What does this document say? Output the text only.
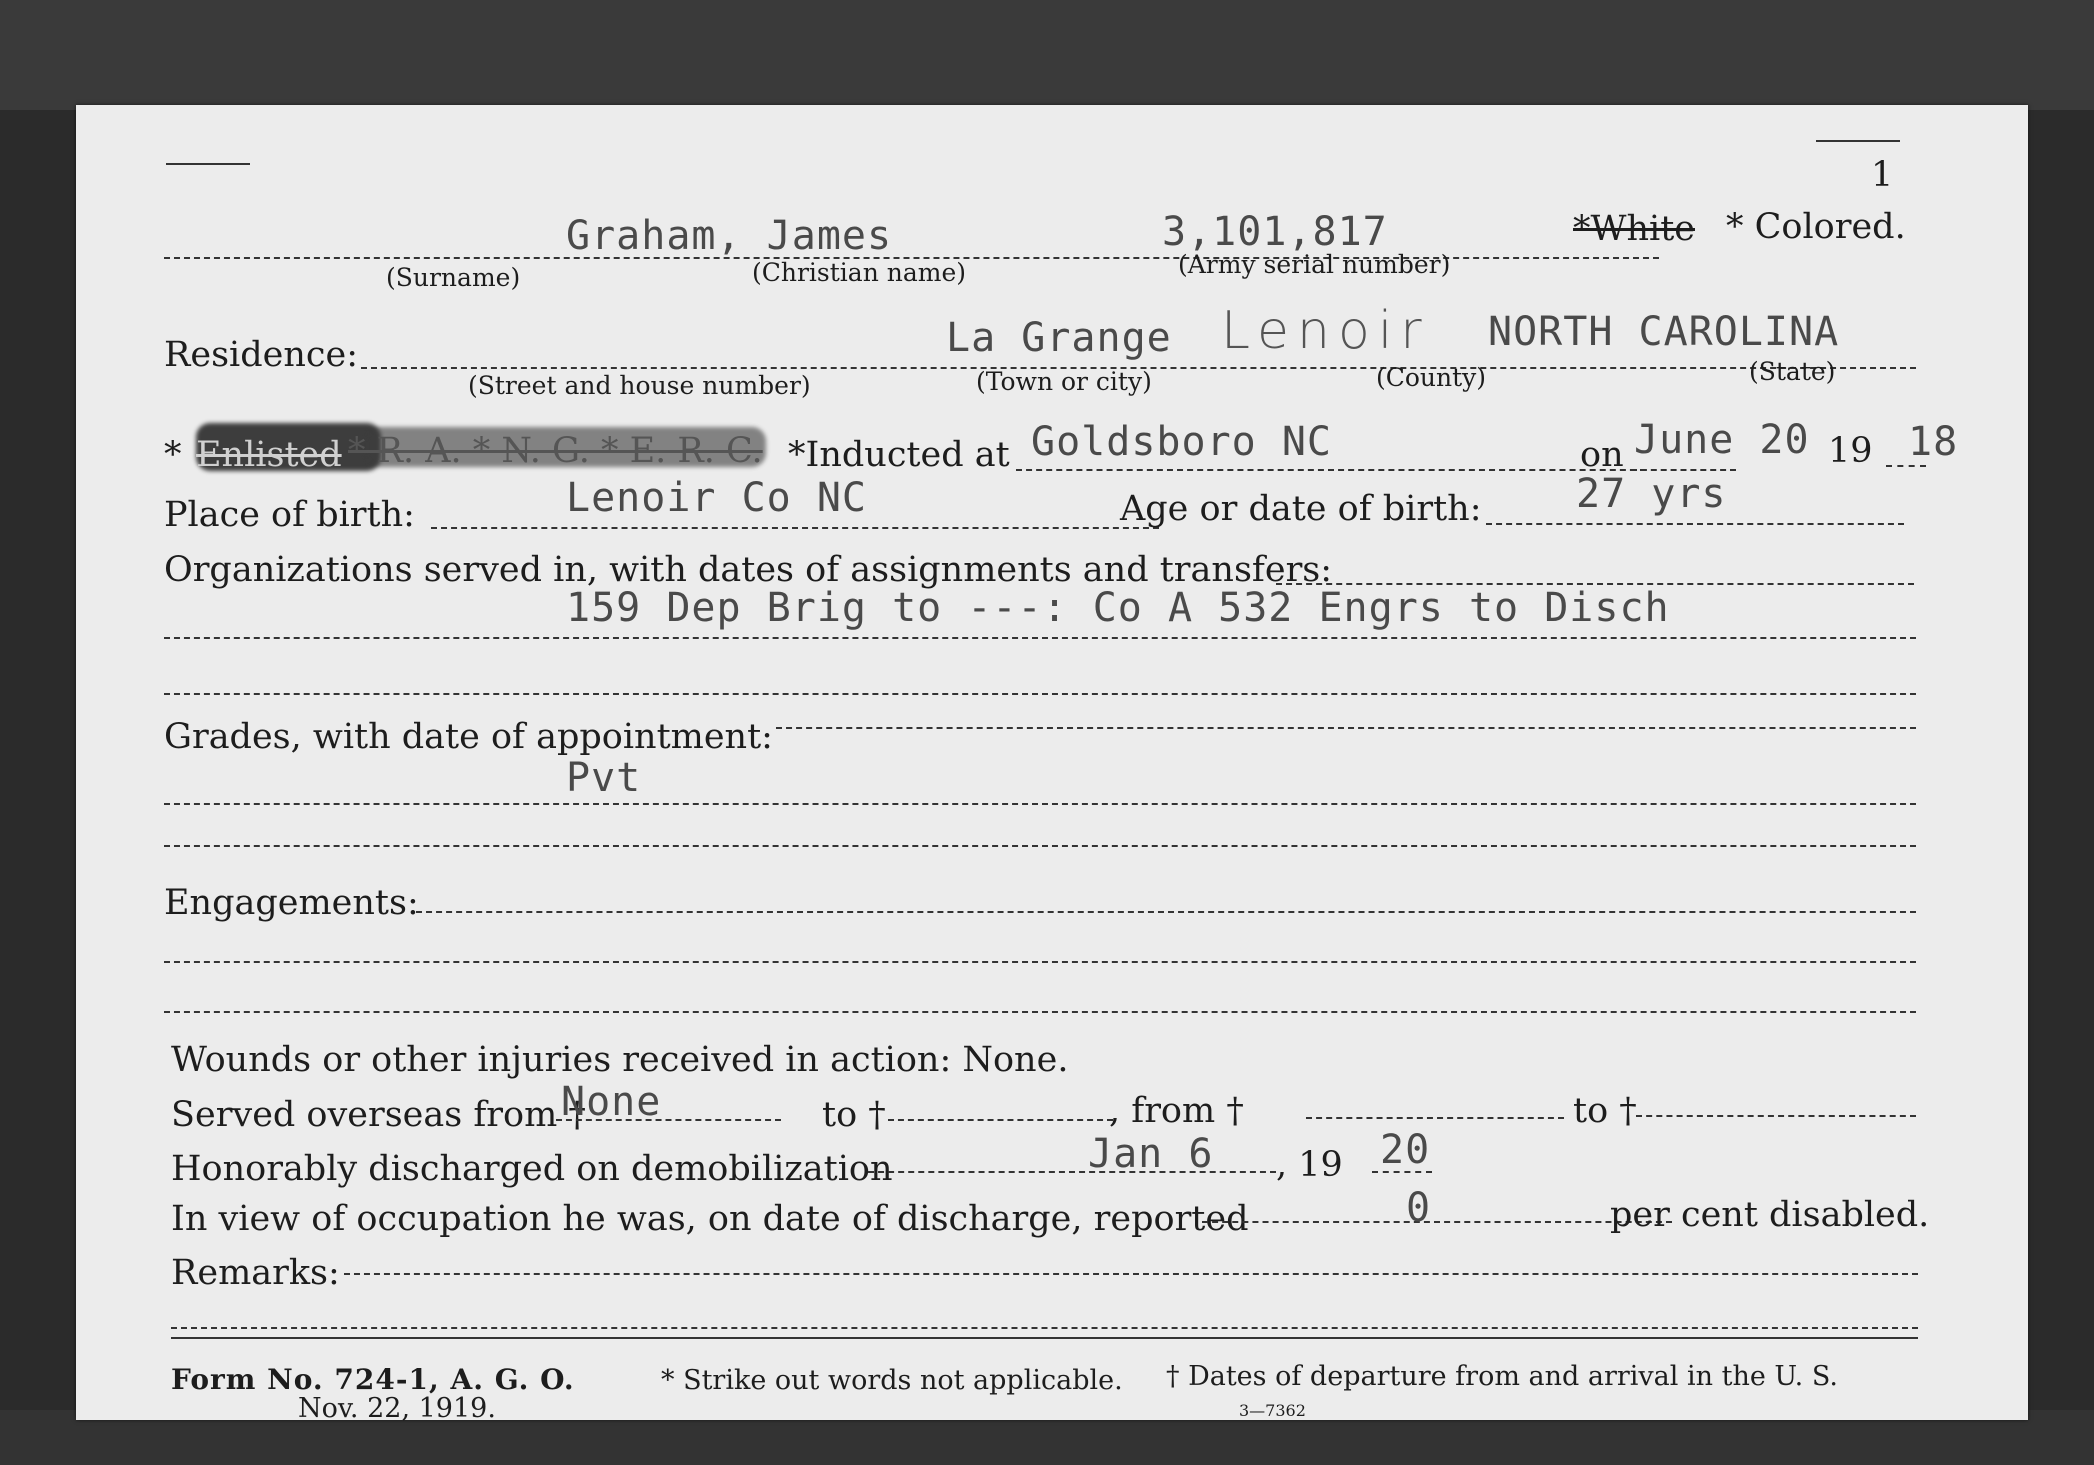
1
Graham, James	3,101,817
(Surname)	(Christian name)	(Army serial number)
*White * Colored.
Residence:	La Grange Lenoir NORTH CAROLINA
(Street and house number)	(Town or city)	(County)	(State)
* Enlisted * R. A. * N. G. * E. R. C. *Inducted at Goldsboro NC	on June 20 19 18
Place of birth:	Lenoir Co NC	Age or date of birth: 27 yrs
Organizations served in, with dates of assignments and transfers:
159 Dep Brig to ---: Co A 532 Engrs to Disch
Grades, with date of appointment:
Pvt
Engagements:
Wounds or other injuries received in action: None.
Served overseas from †
None	to †	, from †	to †
Honorably discharged on demobilization	Jan 6 , 19 20
In view of occupation he was, on date of discharge, reported	0	per cent disabled.
Remarks:
Form No. 724-1, A. G. O.
Nov. 22, 1919.
* Strike out words not applicable. † Dates of departure from and arrival in the U. S.
3—7362
